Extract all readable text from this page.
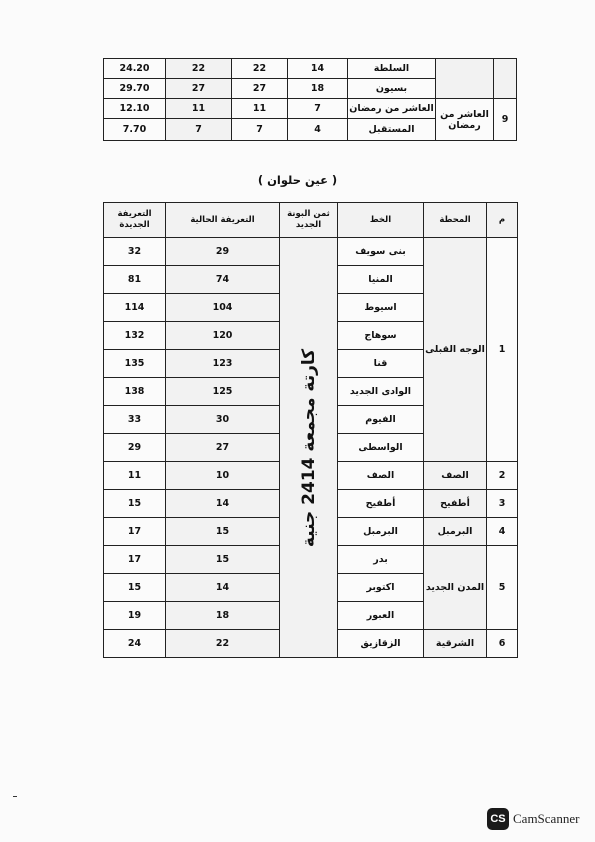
24.20	22	22	14	السلطة		
29.70	27	27	18	بسيون		
12.10	11	11	7	العاشر من رمضان	العاشر من رمضان	9
7.70	7	7	4	المستقبل		
( عين حلوان )
التعريفة الجديدة	التعريفة الحالية	ثمن البونة الجديد	الخط	المحطة	م
32	29	كارتة مجمعة 2414 جنية	بنى سويف	الوجه القبلى	1
81	74		المنيا		
114	104		اسيوط		
132	120		سوهاج		
135	123		قنا		
138	125		الوادى الجديد		
33	30		الفيوم		
29	27		الواسطى		
11	10		الصف	الصف	2
15	14		أطفيح	أطفيح	3
17	15		البرمبل	البرمبل	4
17	15		بدر	المدن الجديد	5
15	14		اكتوبر		
19	18		العبور		
24	22		الزقازيق	الشرقية	6
CS CamScanner
